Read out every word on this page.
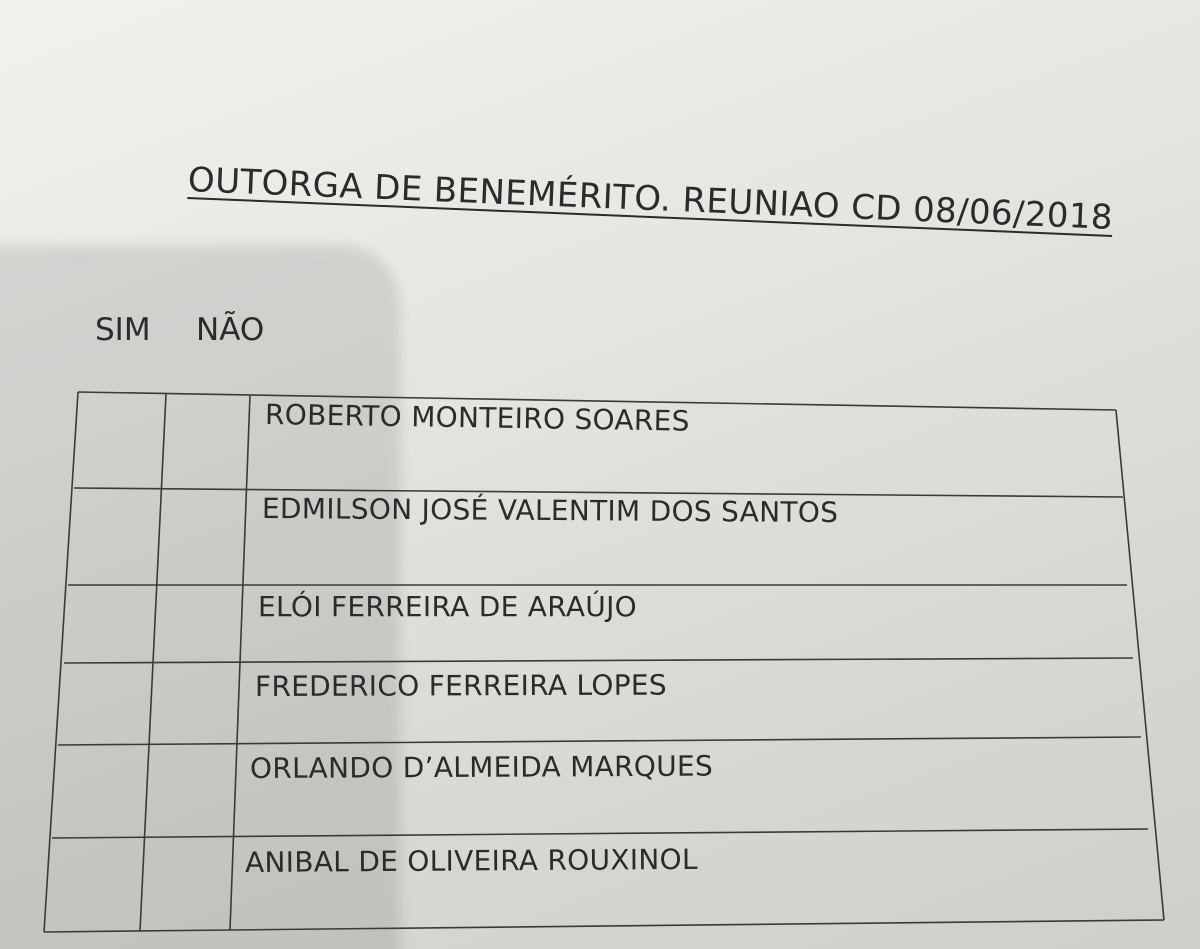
OUTORGA DE BENEMÉRITO. REUNIAO CD 08/06/2018
SIM NÃO
ROBERTO MONTEIRO SOARES
EDMILSON JOSÉ VALENTIM DOS SANTOS
ELÓI FERREIRA DE ARAÚJO
FREDERICO FERREIRA LOPES
ORLANDO D’ALMEIDA MARQUES
ANIBAL DE OLIVEIRA ROUXINOL
